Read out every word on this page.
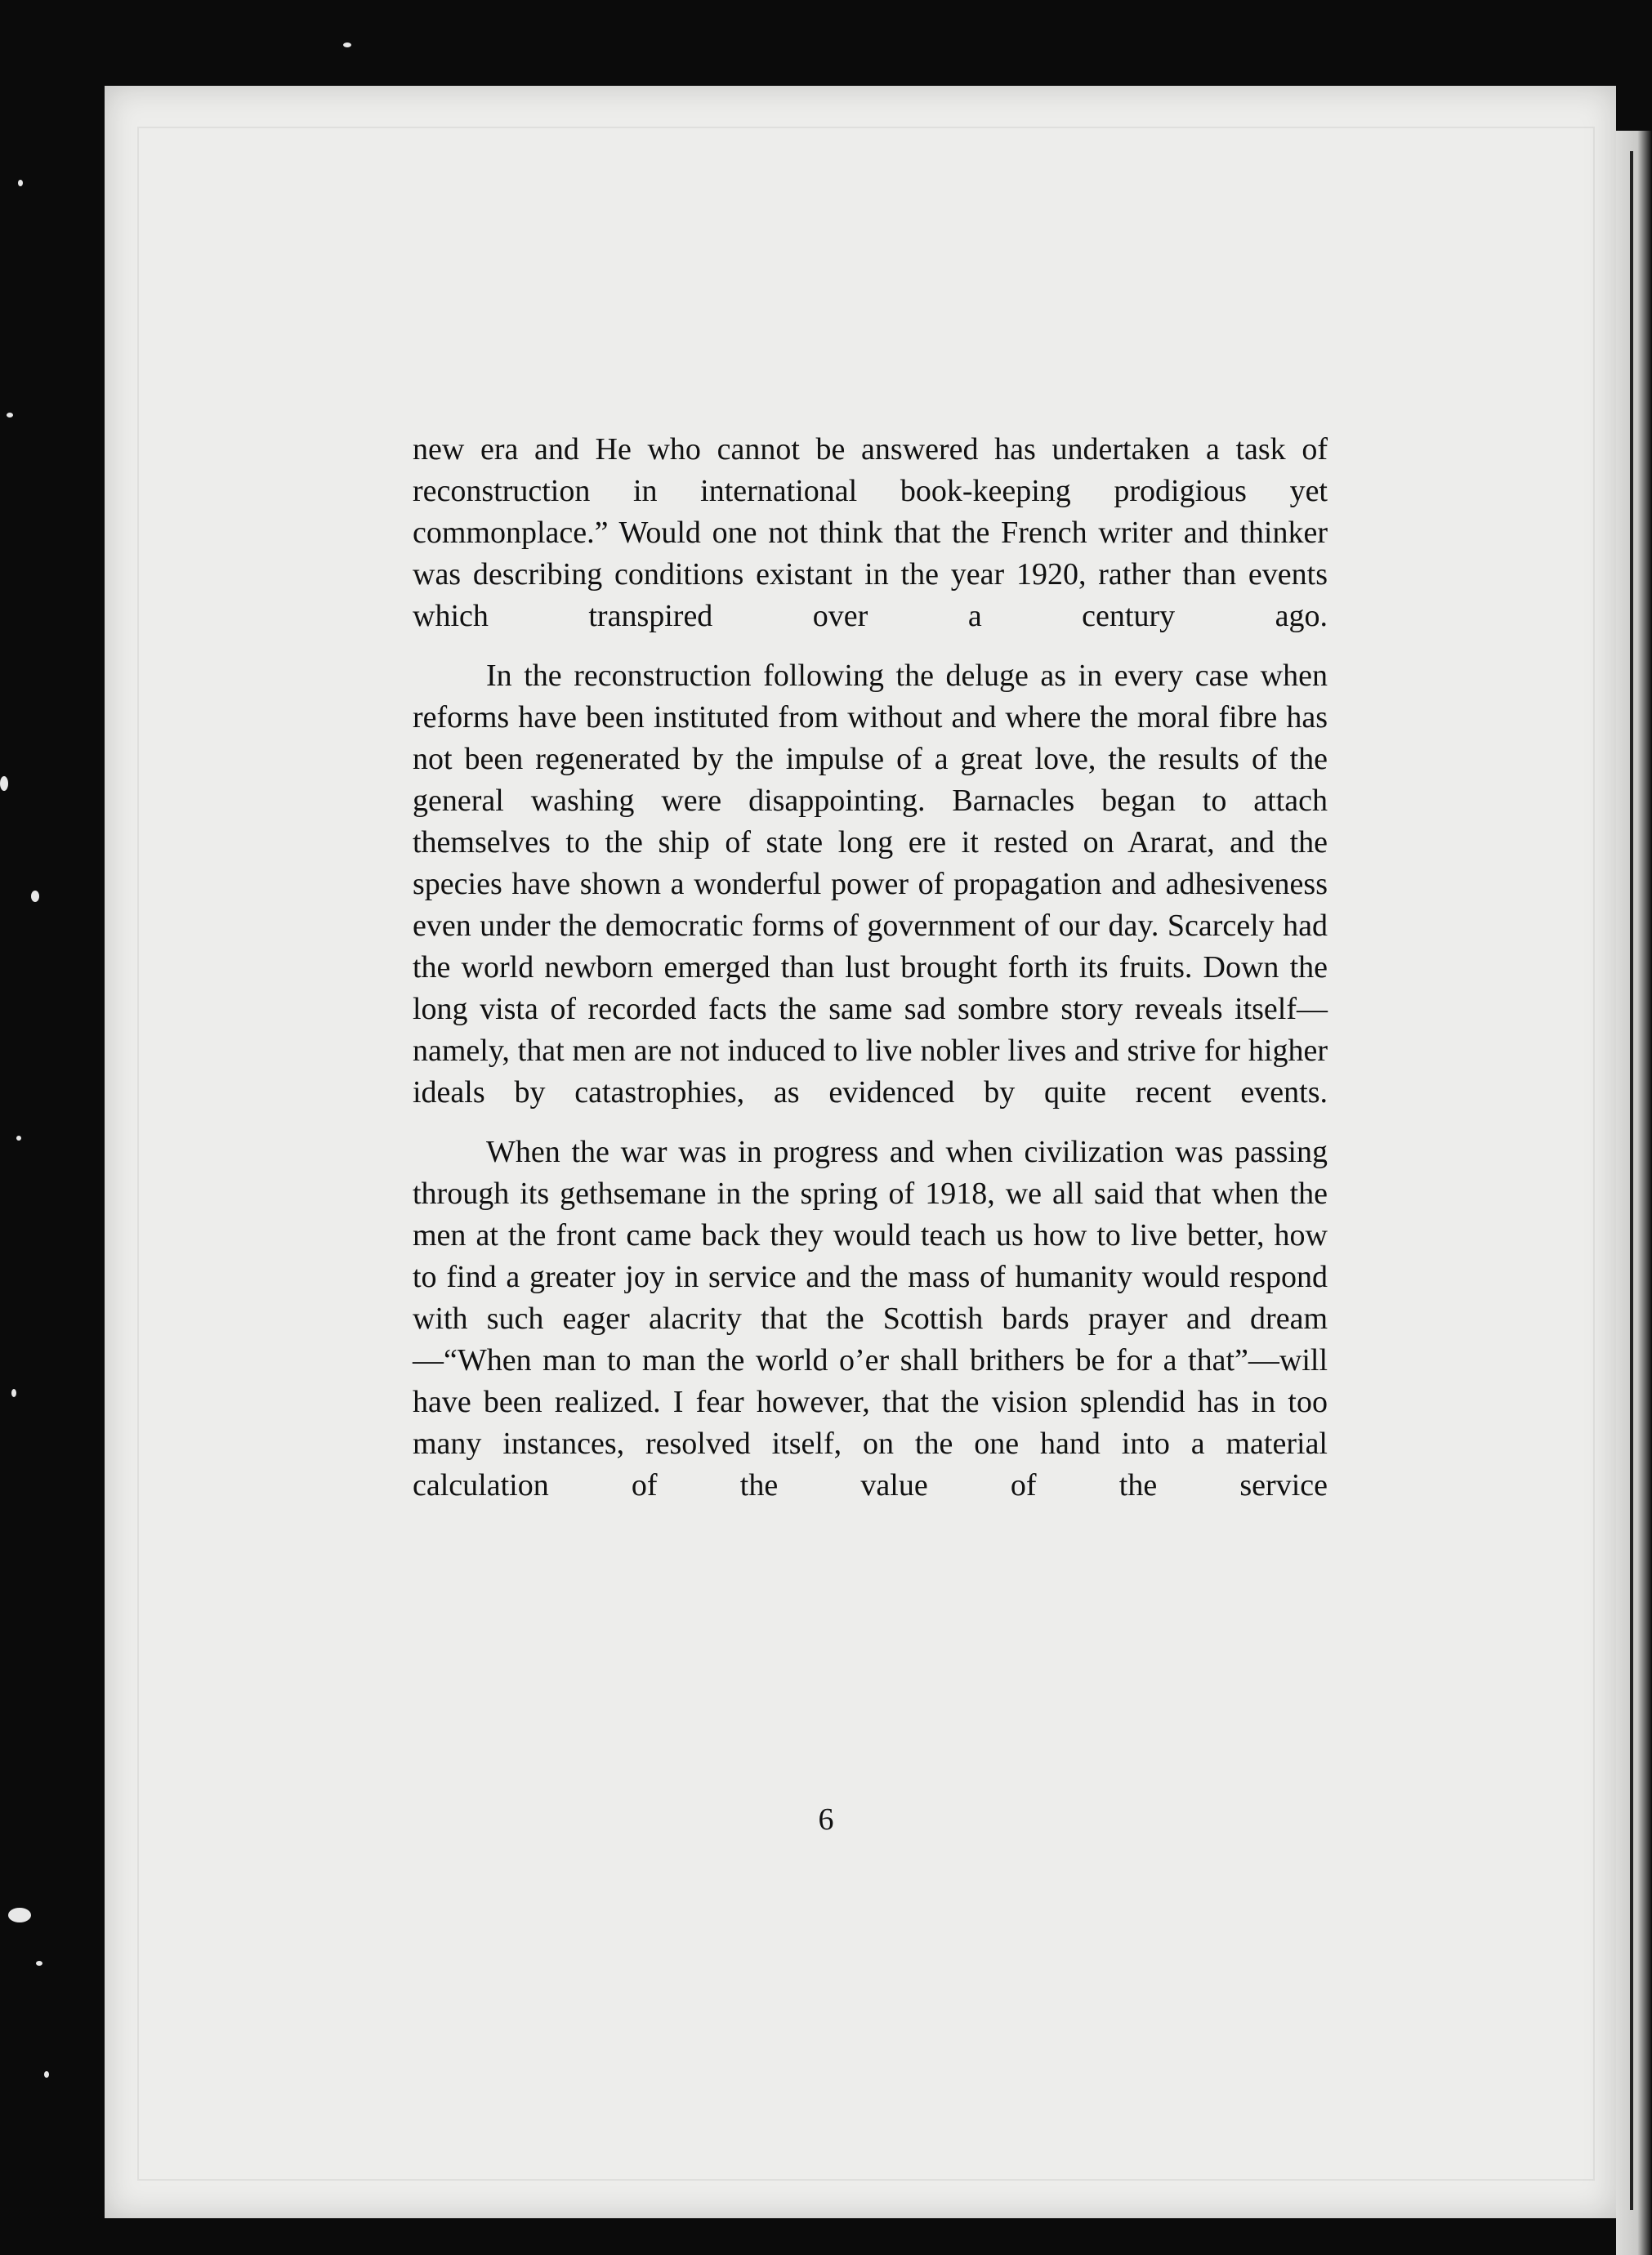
new era and He who cannot be answered has undertaken a task of reconstruction in international book-keeping prodigious yet commonplace.” Would one not think that the French writer and thinker was describing conditions existant in the year 1920, rather than events which transpired over a century ago.

In the reconstruction following the deluge as in every case when reforms have been instituted from without and where the moral fibre has not been regenerated by the impulse of a great love, the results of the general washing were disappointing. Barnacles began to attach themselves to the ship of state long ere it rested on Ararat, and the species have shown a wonderful power of propagation and adhesiveness even under the democratic forms of government of our day. Scarcely had the world newborn emerged than lust brought forth its fruits. Down the long vista of recorded facts the same sad sombre story reveals itself—namely, that men are not induced to live nobler lives and strive for higher ideals by catastrophies, as evidenced by quite recent events.

When the war was in progress and when civilization was passing through its gethsemane in the spring of 1918, we all said that when the men at the front came back they would teach us how to live better, how to find a greater joy in service and the mass of humanity would respond with such eager alacrity that the Scottish bards prayer and dream—“When man to man the world o’er shall brithers be for a that”—will have been realized. I fear however, that the vision splendid has in too many instances, resolved itself, on the one hand into a material calculation of the value of the service

6
